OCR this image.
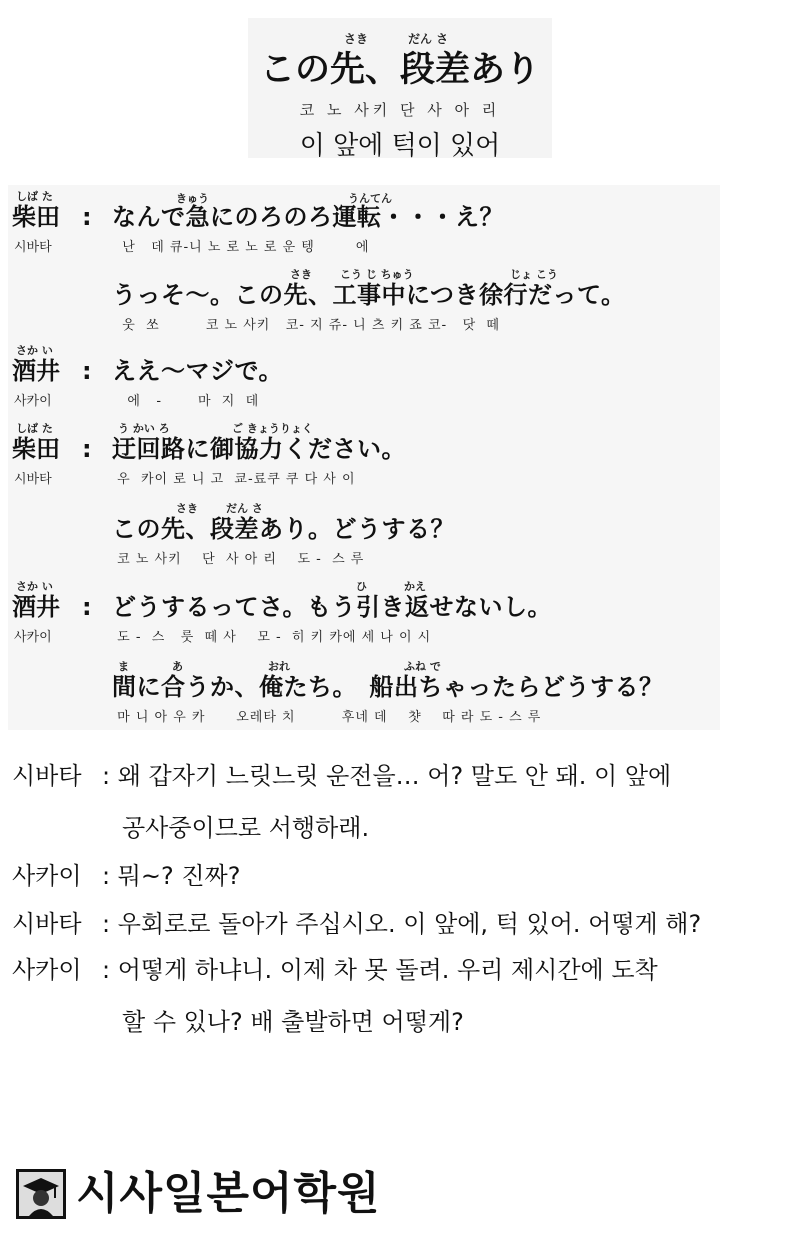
さき	だん さ
この先、段差あり
코 노 사키 단 사 아 리
이 앞에 턱이 있어
しば た	きゅう	うんてん
柴田 : なんで急にのろのろ運転・・・え？
시바타	난   데 큐-니 노 로 노 로 운 텡        에
さき	こう じ ちゅう	じょ こう
うっそ～。この先、工事中につき徐行だって。
웃  쏘         코 노 사키   코- 지 쥬- 니 츠 키 죠 코-   닷  떼
さか い
酒井 : ええ～マジで。
사카이	에   -       마  지  데
しば た	う かい ろ	ご きょうりょく
柴田 : 迂回路に御協力ください。
시바타	우  카이 로 니 고  쿄-료쿠 쿠 다 사 이
さき	だん さ
この先、段差あり。どうする？
코 노 사키    단  사 아 리    도 -  스 루
さか い	ひ	かえ
酒井 : どうするってさ。もう引き返せないし。
사카이	도 -  스   룻  떼 사    모 -  히 키 카에 세 나 이 시
ま	あ	おれ	ふね で
間に合うか、俺たち。　船出ちゃったらどうする？
마 니 아 우 카      오레타 치         후네 데    챳    따 라 도 - 스 루
시바타 : 왜 갑자기 느릿느릿 운전을… 어? 말도 안 돼. 이 앞에
공사중이므로 서행하래.
사카이 : 뭐~? 진짜?
시바타 : 우회로로 돌아가 주십시오. 이 앞에, 턱 있어. 어떻게 해?
사카이 : 어떻게 하냐니. 이제 차 못 돌려. 우리 제시간에 도착
할 수 있나? 배 출발하면 어떻게?
시사일본어학원
